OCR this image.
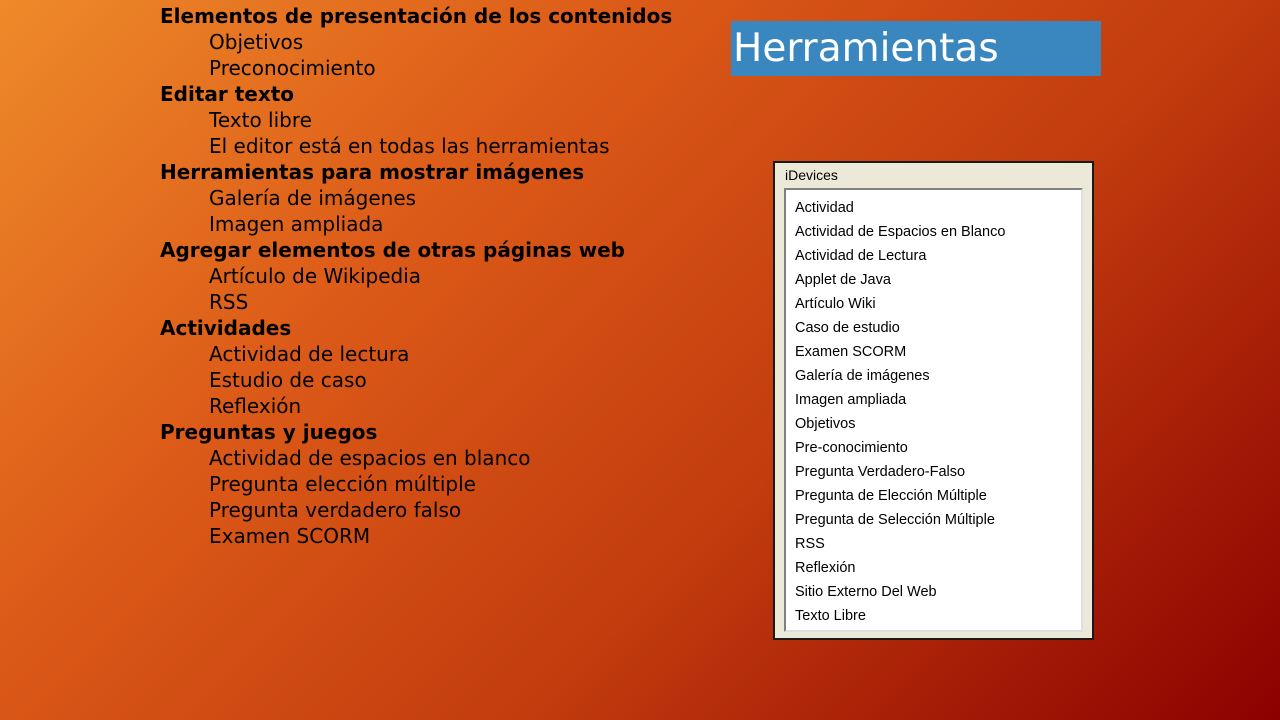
Elementos de presentación de los contenidos
Objetivos
Preconocimiento
Editar texto
Texto libre
El editor está en todas las herramientas
Herramientas para mostrar imágenes
Galería de imágenes
Imagen ampliada
Agregar elementos de otras páginas web
Artículo de Wikipedia
RSS
Actividades
Actividad de lectura
Estudio de caso
Reflexión
Preguntas y juegos
Actividad de espacios en blanco
Pregunta elección múltiple
Pregunta verdadero falso
Examen SCORM
Herramientas
iDevices
Actividad
Actividad de Espacios en Blanco
Actividad de Lectura
Applet de Java
Artículo Wiki
Caso de estudio
Examen SCORM
Galería de imágenes
Imagen ampliada
Objetivos
Pre-conocimiento
Pregunta Verdadero-Falso
Pregunta de Elección Múltiple
Pregunta de Selección Múltiple
RSS
Reflexión
Sitio Externo Del Web
Texto Libre
